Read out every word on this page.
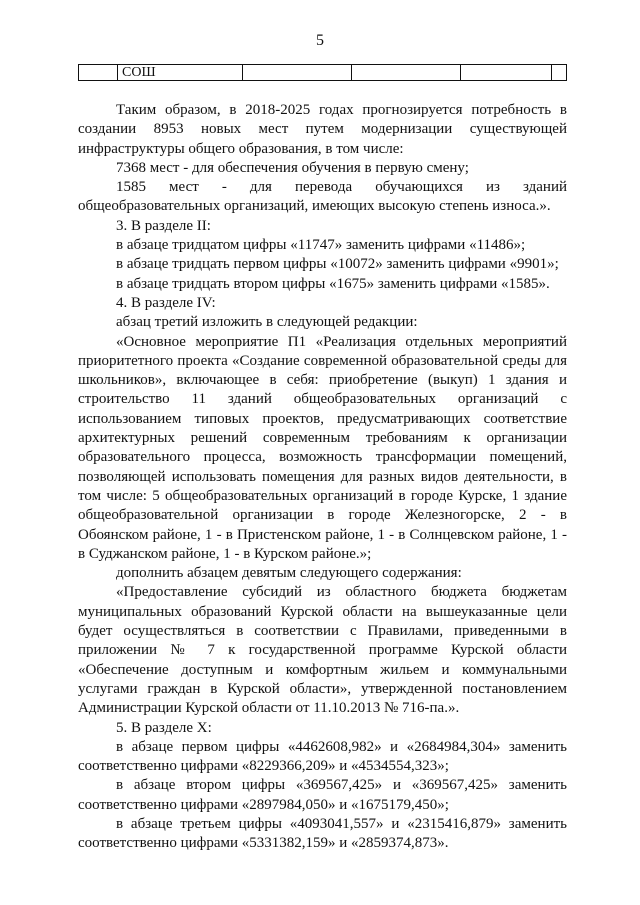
5
	СОШ				

Таким образом, в 2018-2025 годах прогнозируется потребность в создании 8953 новых мест путем модернизации существующей инфраструктуры общего образования, в том числе:

7368 мест - для обеспечения обучения в первую смену;

1585 мест - для перевода обучающихся из зданий общеобразовательных организаций, имеющих высокую степень износа.».

3. В разделе II:

в абзаце тридцатом цифры «11747» заменить цифрами «11486»;

в абзаце тридцать первом цифры «10072» заменить цифрами «9901»;

в абзаце тридцать втором цифры «1675» заменить цифрами «1585».

4. В разделе IV:

абзац третий изложить в следующей редакции:

«Основное мероприятие П1 «Реализация отдельных мероприятий приоритетного проекта «Создание современной образовательной среды для школьников», включающее в себя: приобретение (выкуп) 1 здания и строительство 11 зданий общеобразовательных организаций с использованием типовых проектов, предусматривающих соответствие архитектурных решений современным требованиям к организации образовательного процесса, возможность трансформации помещений, позволяющей использовать помещения для разных видов деятельности, в том числе: 5 общеобразовательных организаций в городе Курске, 1 здание общеобразовательной организации в городе Железногорске, 2 - в Обоянском районе, 1 - в Пристенском районе, 1 - в Солнцевском районе, 1 - в Суджанском районе, 1 - в Курском районе.»;

дополнить абзацем девятым следующего содержания:

«Предоставление субсидий из областного бюджета бюджетам муниципальных образований Курской области на вышеуказанные цели будет осуществляться в соответствии с Правилами, приведенными в приложении № 7 к государственной программе Курской области «Обеспечение доступным и комфортным жильем и коммунальными услугами граждан в Курской области», утвержденной постановлением Администрации Курской области от 11.10.2013 № 716-па.».

5. В разделе X:

в абзаце первом цифры «4462608,982» и «2684984,304» заменить соответственно цифрами «8229366,209» и «4534554,323»;

в абзаце втором цифры «369567,425» и «369567,425» заменить соответственно цифрами «2897984,050» и «1675179,450»;

в абзаце третьем цифры «4093041,557» и «2315416,879» заменить соответственно цифрами «5331382,159» и «2859374,873».
